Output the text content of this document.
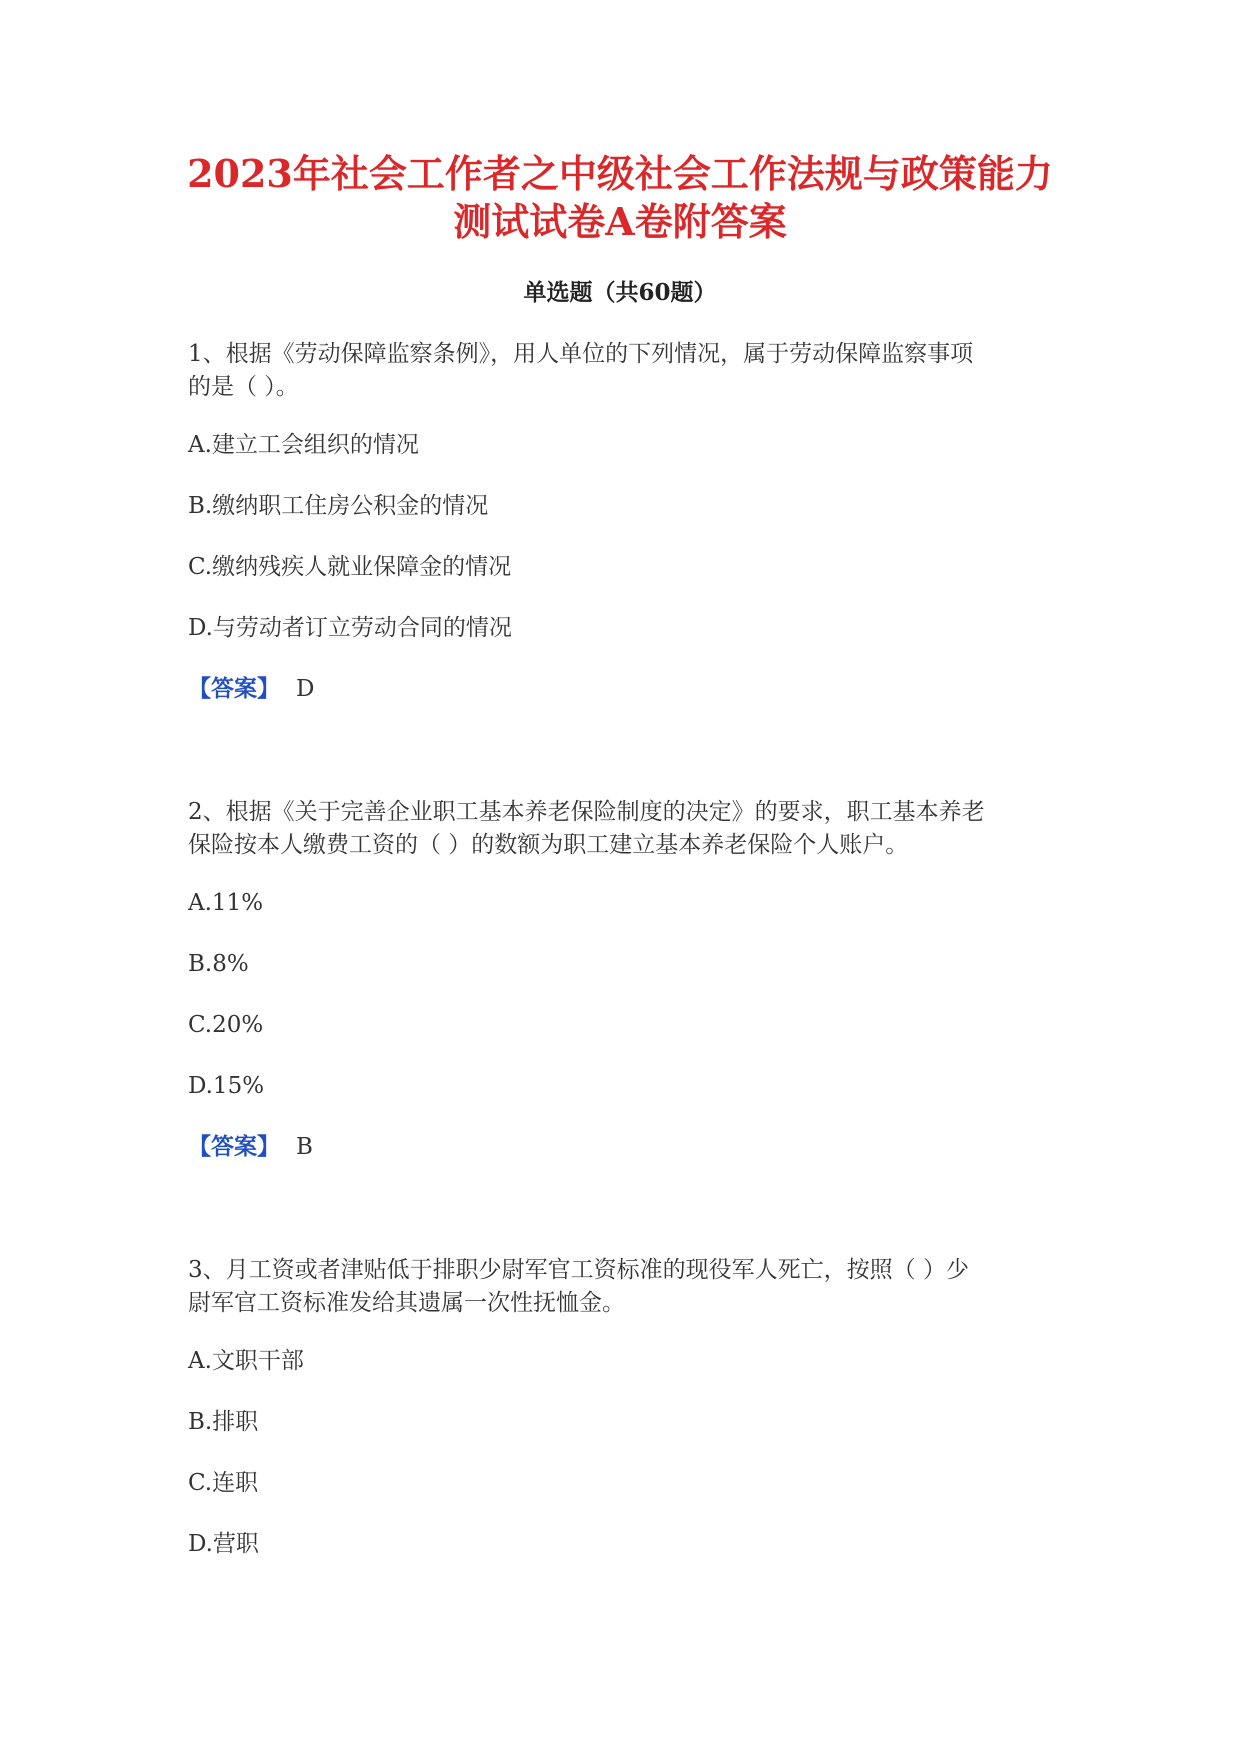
2023年社会工作者之中级社会工作法规与政策能力
测试试卷A卷附答案
单选题（共60题）
1、根据《劳动保障监察条例》，用人单位的下列情况，属于劳动保障监察事项
的是（ ）。
A.建立工会组织的情况
B.缴纳职工住房公积金的情况
C.缴纳残疾人就业保障金的情况
D.与劳动者订立劳动合同的情况
【答案】 D
2、根据《关于完善企业职工基本养老保险制度的决定》的要求，职工基本养老
保险按本人缴费工资的（ ）的数额为职工建立基本养老保险个人账户。
A.11%
B.8%
C.20%
D.15%
【答案】 B
3、月工资或者津贴低于排职少尉军官工资标准的现役军人死亡，按照（ ）少
尉军官工资标准发给其遗属一次性抚恤金。
A.文职干部
B.排职
C.连职
D.营职
